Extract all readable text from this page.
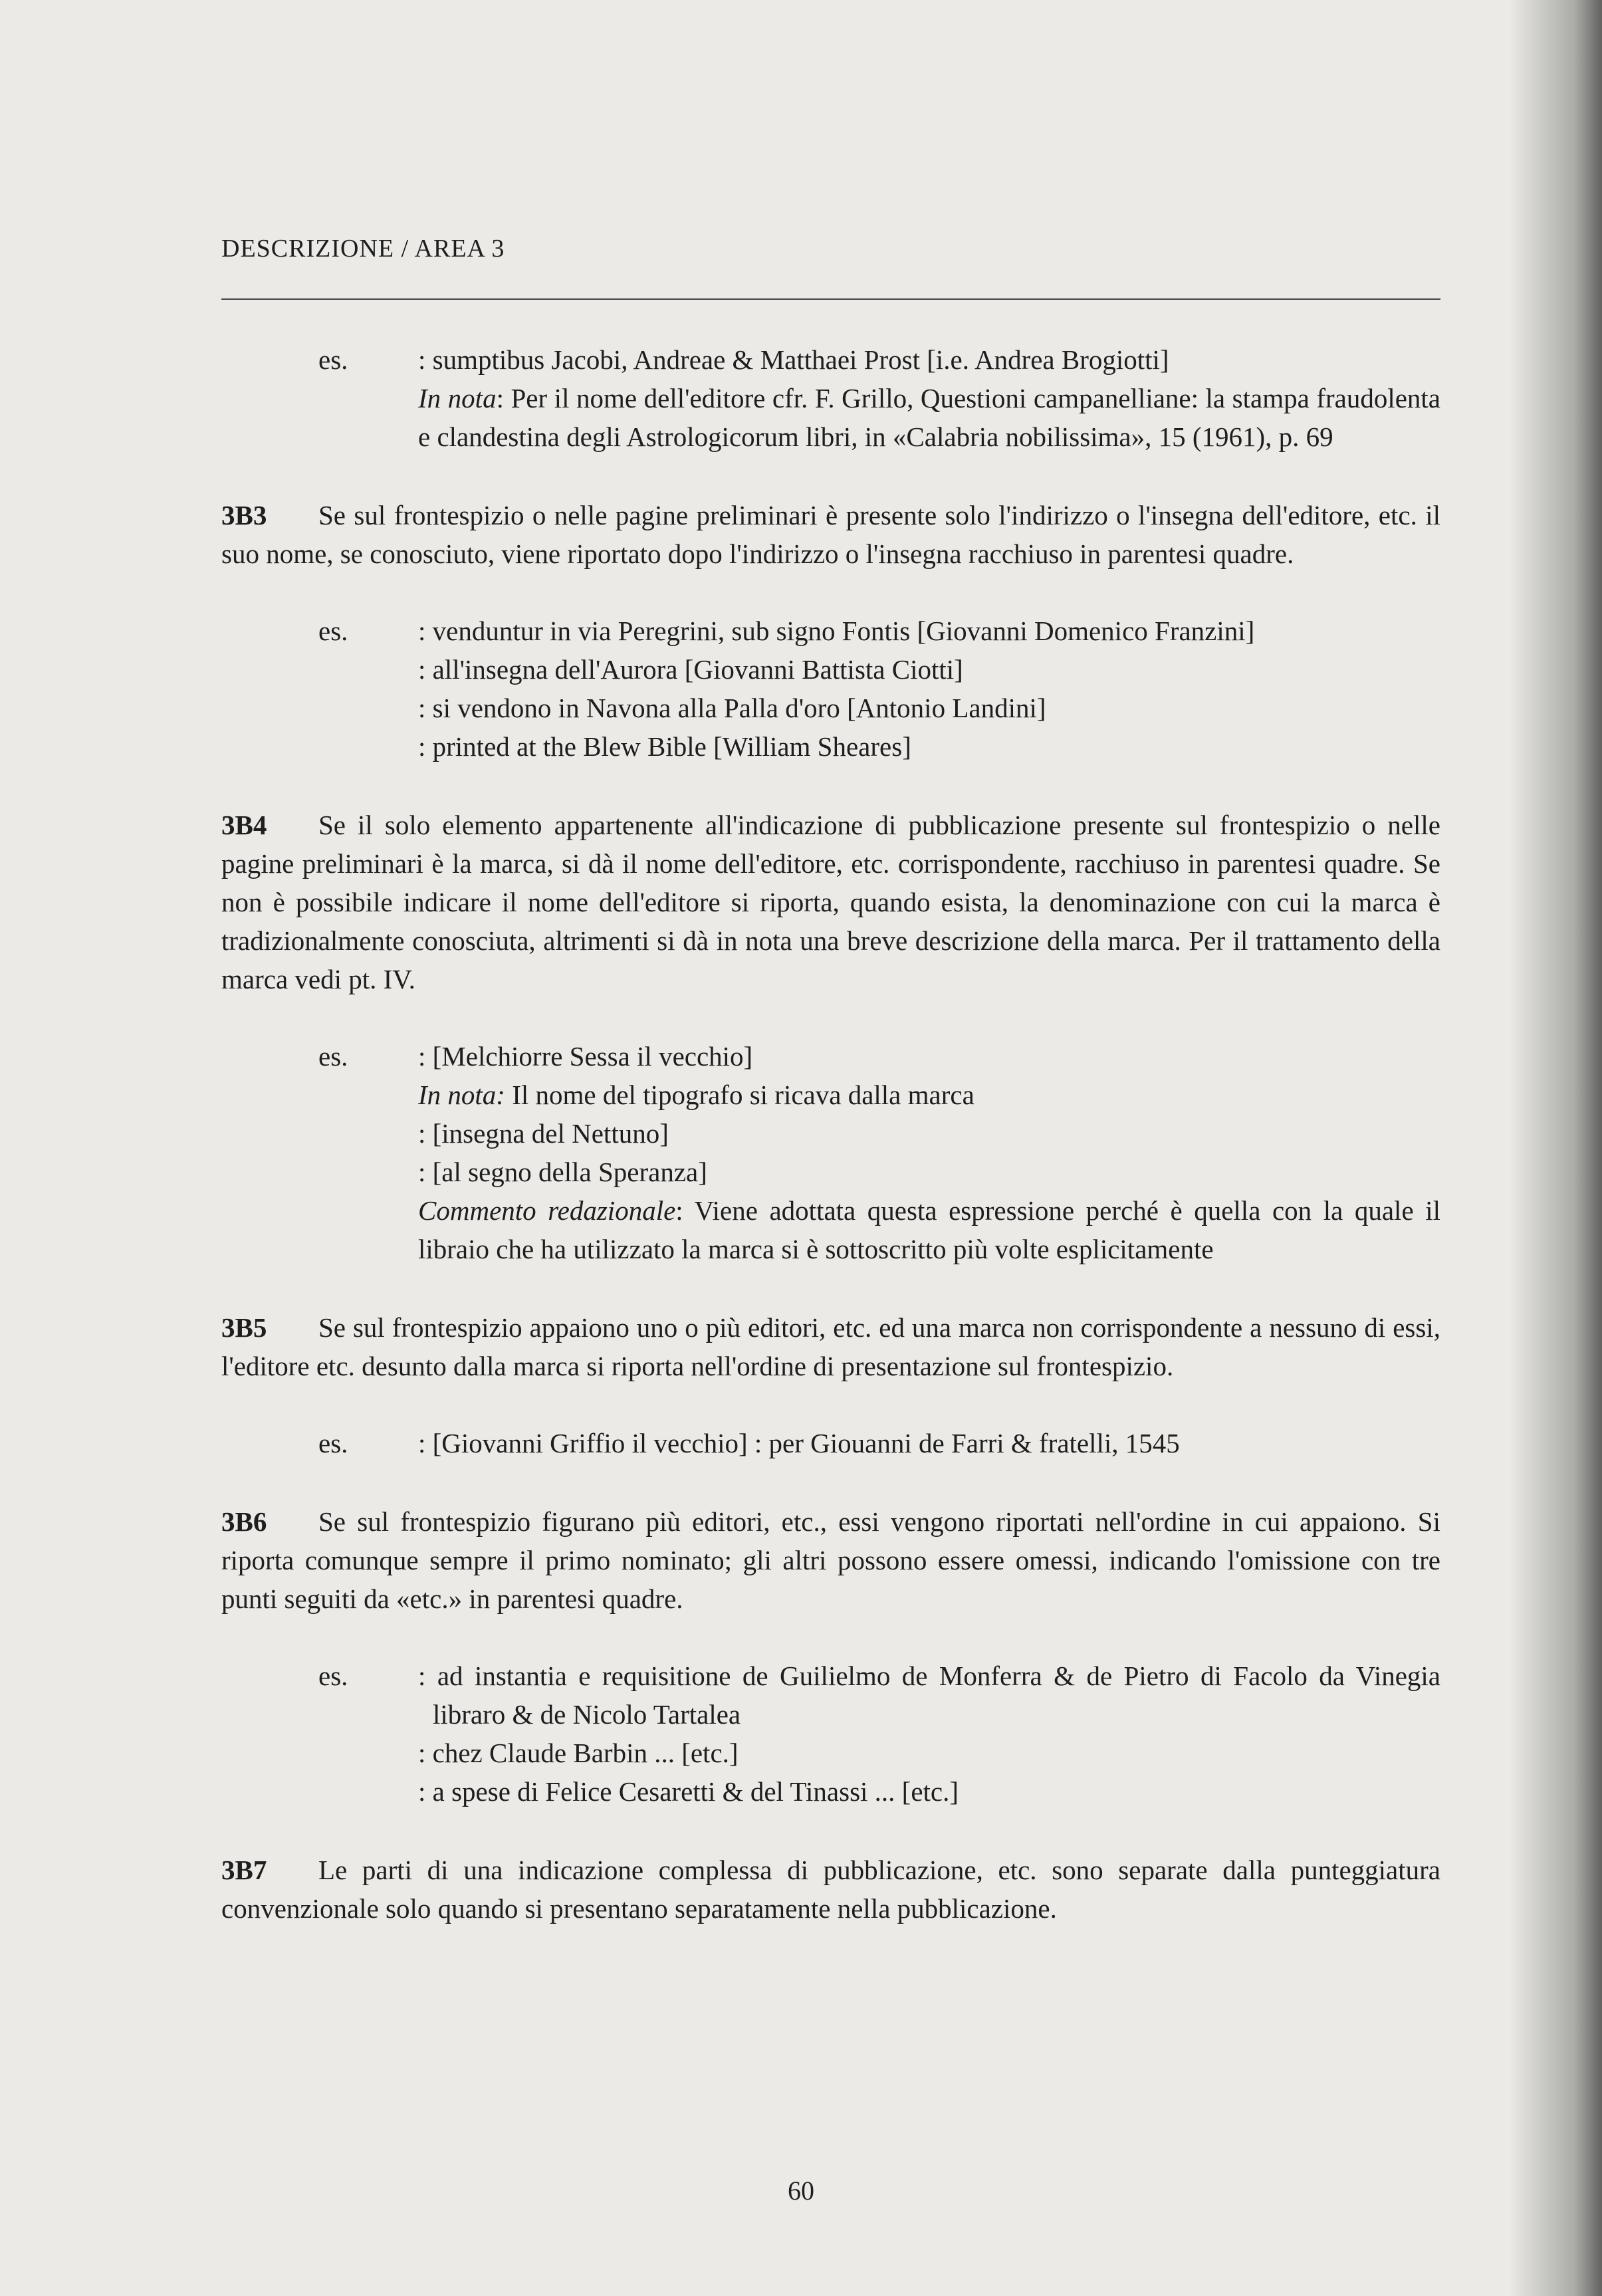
DESCRIZIONE / AREA 3
es.	: sumptibus Jacobi, Andreae & Matthaei Prost [i.e. Andrea Brogiotti]
In nota: Per il nome dell'editore cfr. F. Grillo, Questioni campanelliane: la stampa fraudolenta e clandestina degli Astrologicorum libri, in «Calabria nobilissima», 15 (1961), p. 69
3B3 Se sul frontespizio o nelle pagine preliminari è presente solo l'indirizzo o l'insegna dell'editore, etc. il suo nome, se conosciuto, viene riportato dopo l'indirizzo o l'insegna racchiuso in parentesi quadre.
es.	: venduntur in via Peregrini, sub signo Fontis [Giovanni Domenico Franzini]
: all'insegna dell'Aurora [Giovanni Battista Ciotti]
: si vendono in Navona alla Palla d'oro [Antonio Landini]
: printed at the Blew Bible [William Sheares]
3B4 Se il solo elemento appartenente all'indicazione di pubblicazione presente sul frontespizio o nelle pagine preliminari è la marca, si dà il nome dell'editore, etc. corrispondente, racchiuso in parentesi quadre. Se non è possibile indicare il nome dell'editore si riporta, quando esista, la denominazione con cui la marca è tradizionalmente conosciuta, altrimenti si dà in nota una breve descrizione della marca. Per il trattamento della marca vedi pt. IV.
es.	: [Melchiorre Sessa il vecchio]
In nota: Il nome del tipografo si ricava dalla marca
: [insegna del Nettuno]
: [al segno della Speranza]
Commento redazionale: Viene adottata questa espressione perché è quella con la quale il libraio che ha utilizzato la marca si è sottoscritto più volte esplicitamente
3B5 Se sul frontespizio appaiono uno o più editori, etc. ed una marca non corrispondente a nessuno di essi, l'editore etc. desunto dalla marca si riporta nell'ordine di presentazione sul frontespizio.
es.	: [Giovanni Griffio il vecchio] : per Giouanni de Farri & fratelli, 1545
3B6 Se sul frontespizio figurano più editori, etc., essi vengono riportati nell'ordine in cui appaiono. Si riporta comunque sempre il primo nominato; gli altri possono essere omessi, indicando l'omissione con tre punti seguiti da «etc.» in parentesi quadre.
es.	: ad instantia e requisitione de Guilielmo de Monferra & de Pietro di Facolo da Vinegia libraro & de Nicolo Tartalea
: chez Claude Barbin ... [etc.]
: a spese di Felice Cesaretti & del Tinassi ... [etc.]
3B7 Le parti di una indicazione complessa di pubblicazione, etc. sono separate dalla punteggiatura convenzionale solo quando si presentano separatamente nella pubblicazione.
60
